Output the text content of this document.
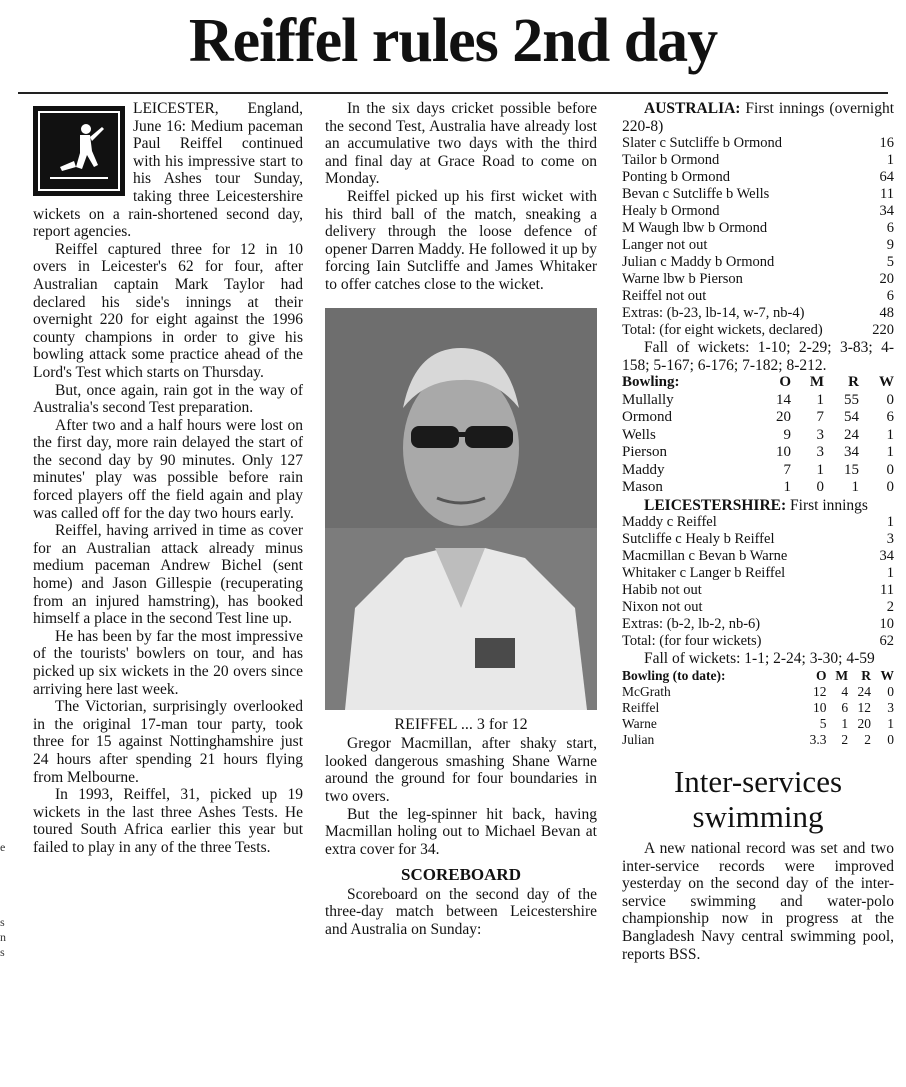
Reiffel rules 2nd day

LEICESTER, England, June 16: Medium paceman Paul Reiffel continued with his impressive start to his Ashes tour Sunday, taking three Leicestershire wickets on a rain-shortened second day, report agencies.

Reiffel captured three for 12 in 10 overs in Leicester's 62 for four, after Australian captain Mark Taylor had declared his side's innings at their overnight 220 for eight against the 1996 county champions in order to give his bowling attack some practice ahead of the Lord's Test which starts on Thursday.

But, once again, rain got in the way of Australia's second Test preparation.

After two and a half hours were lost on the first day, more rain delayed the start of the second day by 90 minutes. Only 127 minutes' play was possible before rain forced players off the field again and play was called off for the day two hours early.

Reiffel, having arrived in time as cover for an Australian attack already minus medium paceman Andrew Bichel (sent home) and Jason Gillespie (recuperating from an injured hamstring), has booked himself a place in the second Test line up.

He has been by far the most impressive of the tourists' bowlers on tour, and has picked up six wickets in the 20 overs since arriving here last week.

The Victorian, surprisingly overlooked in the original 17-man tour party, took three for 15 against Nottinghamshire just 24 hours after spending 21 hours flying from Melbourne.

In 1993, Reiffel, 31, picked up 19 wickets in the last three Ashes Tests. He toured South Africa earlier this year but failed to play in any of the three Tests.

In the six days cricket possible before the second Test, Australia have already lost an accumulative two days with the third and final day at Grace Road to come on Monday.

Reiffel picked up his first wicket with his third ball of the match, sneaking a delivery through the loose defence of opener Darren Maddy. He followed it up by forcing Iain Sutcliffe and James Whitaker to offer catches close to the wicket.

REIFFEL ... 3 for 12

Gregor Macmillan, after shaky start, looked dangerous smashing Shane Warne around the ground for four boundaries in two overs.

But the leg-spinner hit back, having Macmillan holing out to Michael Bevan at extra cover for 34.

SCOREBOARD

Scoreboard on the second day of the three-day match between Leicestershire and Australia on Sunday:

AUSTRALIA: First innings (overnight 220-8)

Slater c Sutcliffe b Ormond	16
Tailor b Ormond	1
Ponting b Ormond	64
Bevan c Sutcliffe b Wells	11
Healy b Ormond	34
M Waugh lbw b Ormond	6
Langer not out	9
Julian c Maddy b Ormond	5
Warne lbw b Pierson	20
Reiffel not out	6
Extras: (b-23, lb-14, w-7, nb-4)	48
Total: (for eight wickets, declared)	220

Fall of wickets: 1-10; 2-29; 3-83; 4-158; 5-167; 6-176; 7-182; 8-212.

Bowling:	O	M	R	W
Mullally	14	1	55	0
Ormond	20	7	54	6
Wells	9	3	24	1
Pierson	10	3	34	1
Maddy	7	1	15	0
Mason	1	0	1	0

LEICESTERSHIRE: First innings

Maddy c Reiffel	1
Sutcliffe c Healy b Reiffel	3
Macmillan c Bevan b Warne	34
Whitaker c Langer b Reiffel	1
Habib not out	11
Nixon not out	2
Extras: (b-2, lb-2, nb-6)	10
Total: (for four wickets)	62

Fall of wickets: 1-1; 2-24; 3-30; 4-59

Bowling (to date):	O	M	R	W
McGrath	12	4	24	0
Reiffel	10	6	12	3
Warne	5	1	20	1
Julian	3.3	2	2	0
Inter-services swimming

A new national record was set and two inter-service records were improved yesterday on the second day of the inter-service swimming and water-polo championship now in progress at the Bangladesh Navy central swimming pool, reports BSS.

e
s
n
s
